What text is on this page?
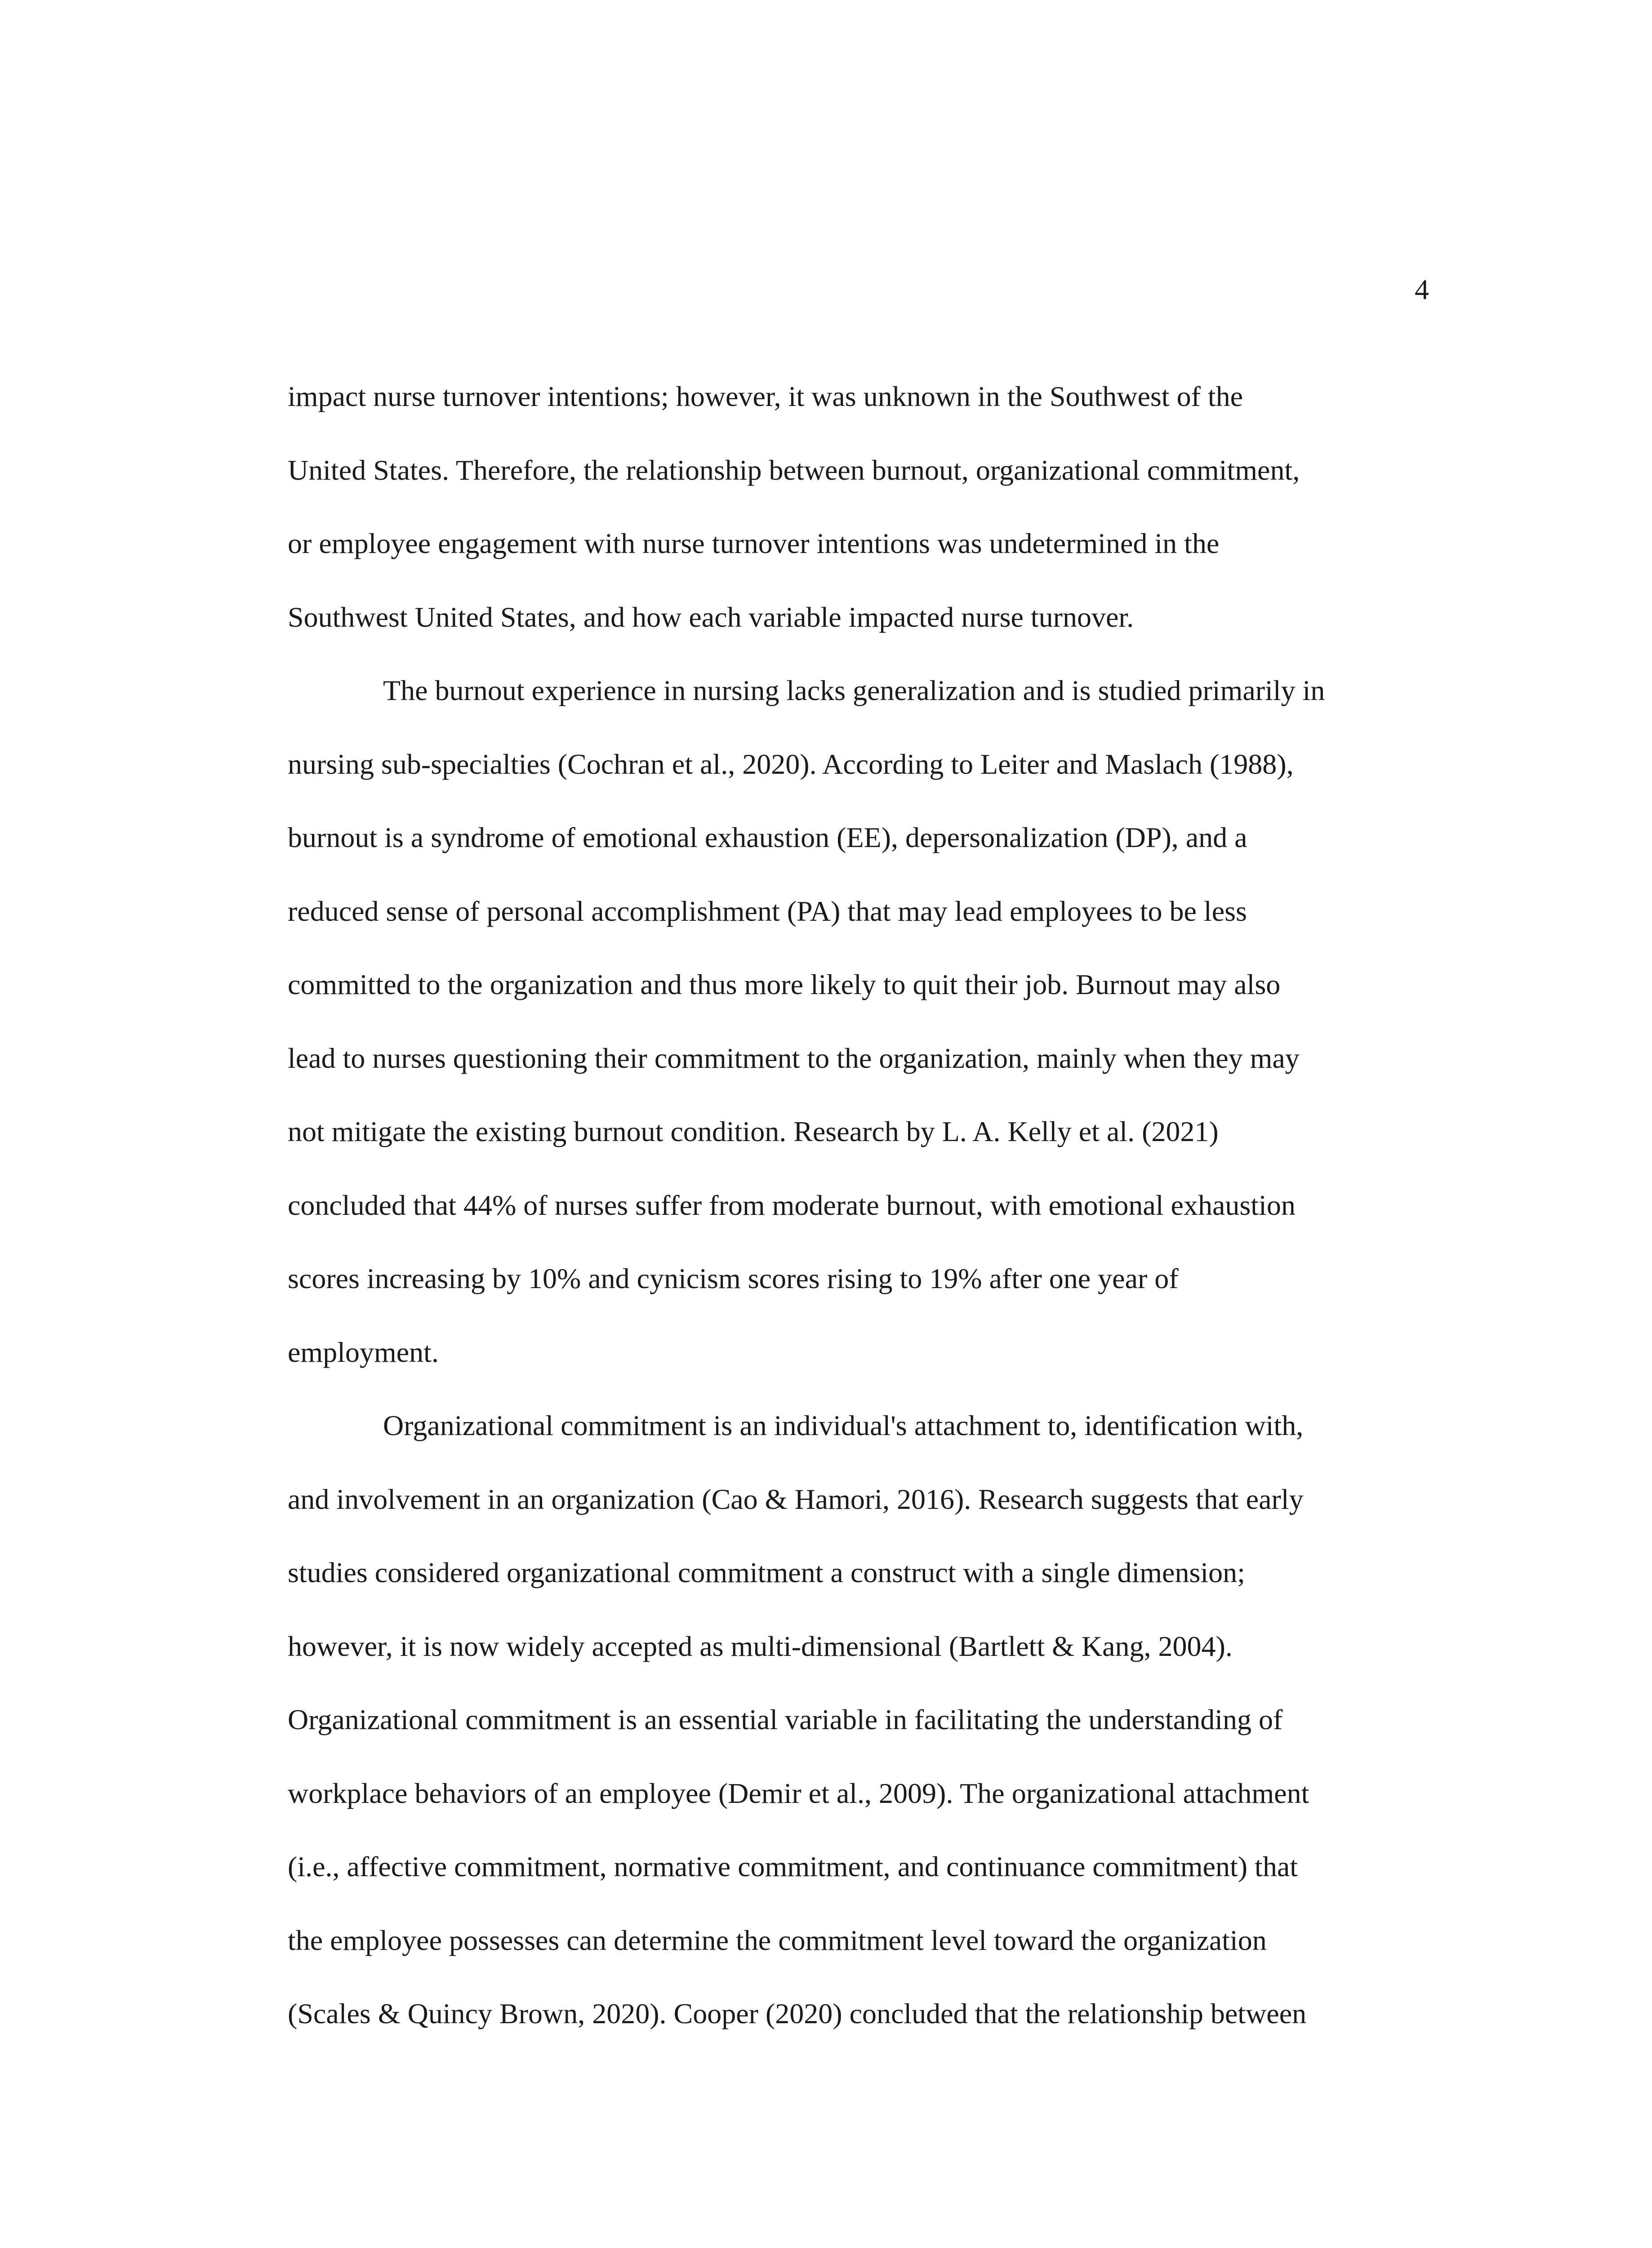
4
impact nurse turnover intentions; however, it was unknown in the Southwest of the
United States. Therefore, the relationship between burnout, organizational commitment,
or employee engagement with nurse turnover intentions was undetermined in the
Southwest United States, and how each variable impacted nurse turnover.
The burnout experience in nursing lacks generalization and is studied primarily in
nursing sub-specialties (Cochran et al., 2020). According to Leiter and Maslach (1988),
burnout is a syndrome of emotional exhaustion (EE), depersonalization (DP), and a
reduced sense of personal accomplishment (PA) that may lead employees to be less
committed to the organization and thus more likely to quit their job. Burnout may also
lead to nurses questioning their commitment to the organization, mainly when they may
not mitigate the existing burnout condition. Research by L. A. Kelly et al. (2021)
concluded that 44% of nurses suffer from moderate burnout, with emotional exhaustion
scores increasing by 10% and cynicism scores rising to 19% after one year of
employment.
Organizational commitment is an individual's attachment to, identification with,
and involvement in an organization (Cao & Hamori, 2016). Research suggests that early
studies considered organizational commitment a construct with a single dimension;
however, it is now widely accepted as multi-dimensional (Bartlett & Kang, 2004).
Organizational commitment is an essential variable in facilitating the understanding of
workplace behaviors of an employee (Demir et al., 2009). The organizational attachment
(i.e., affective commitment, normative commitment, and continuance commitment) that
the employee possesses can determine the commitment level toward the organization
(Scales & Quincy Brown, 2020). Cooper (2020) concluded that the relationship between
